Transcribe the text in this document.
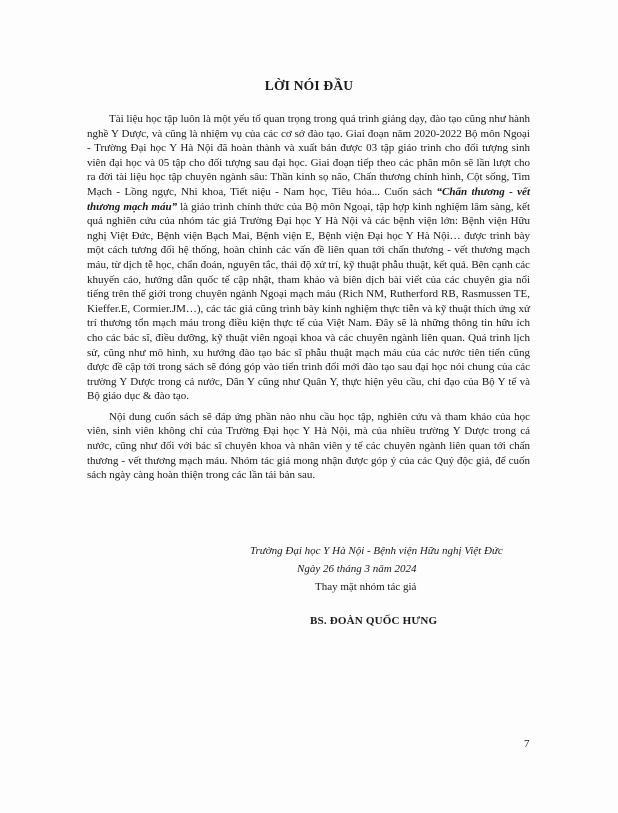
LỜI NÓI ĐẦU

Tài liệu học tập luôn là một yếu tố quan trọng trong quá trình giảng dạy, đào tạo cũng như hành nghề Y Dược, và cũng là nhiệm vụ của các cơ sở đào tạo. Giai đoạn năm 2020-2022 Bộ môn Ngoại - Trường Đại học Y Hà Nội đã hoàn thành và xuất bản được 03 tập giáo trình cho đối tượng sinh viên đại học và 05 tập cho đối tượng sau đại học. Giai đoạn tiếp theo các phân môn sẽ lần lượt cho ra đời tài liệu học tập chuyên ngành sâu: Thần kinh sọ não, Chấn thương chỉnh hình, Cột sống, Tim Mạch - Lồng ngực, Nhi khoa, Tiết niệu - Nam học, Tiêu hóa... Cuốn sách “Chấn thương - vết thương mạch máu” là giáo trình chính thức của Bộ môn Ngoại, tập hợp kinh nghiệm lâm sàng, kết quả nghiên cứu của nhóm tác giả Trường Đại học Y Hà Nội và các bệnh viện lớn: Bệnh viện Hữu nghị Việt Đức, Bệnh viện Bạch Mai, Bệnh viện E, Bệnh viện Đại học Y Hà Nội… được trình bày một cách tương đối hệ thống, hoàn chỉnh các vấn đề liên quan tới chấn thương - vết thương mạch máu, từ dịch tễ học, chẩn đoán, nguyên tắc, thái độ xử trí, kỹ thuật phẫu thuật, kết quả. Bên cạnh các khuyến cáo, hướng dẫn quốc tế cập nhật, tham khảo và biên dịch bài viết của các chuyên gia nổi tiếng trên thế giới trong chuyên ngành Ngoại mạch máu (Rich NM, Rutherford RB, Rasmussen TE, Kieffer.E, Cormier.JM…), các tác giả cũng trình bày kinh nghiệm thực tiễn và kỹ thuật thích ứng xử trí thương tổn mạch máu trong điều kiện thực tế của Việt Nam. Đây sẽ là những thông tin hữu ích cho các bác sĩ, điều dưỡng, kỹ thuật viên ngoại khoa và các chuyên ngành liên quan. Quá trình lịch sử, cũng như mô hình, xu hướng đào tạo bác sĩ phẫu thuật mạch máu của các nước tiên tiến cũng được đề cập tới trong sách sẽ đóng góp vào tiến trình đổi mới đào tạo sau đại học nói chung của các trường Y Dược trong cả nước, Dân Y cũng như Quân Y, thực hiện yêu cầu, chỉ đạo của Bộ Y tế và Bộ giáo dục & đào tạo.

Nội dung cuốn sách sẽ đáp ứng phần nào nhu cầu học tập, nghiên cứu và tham khảo của học viên, sinh viên không chỉ của Trường Đại học Y Hà Nội, mà của nhiều trường Y Dược trong cả nước, cũng như đối với bác sĩ chuyên khoa và nhân viên y tế các chuyên ngành liên quan tới chấn thương - vết thương mạch máu. Nhóm tác giả mong nhận được góp ý của các Quý độc giả, để cuốn sách ngày càng hoàn thiện trong các lần tái bản sau.

Trường Đại học Y Hà Nội - Bệnh viện Hữu nghị Việt Đức
Ngày 26 tháng 3 năm 2024
Thay mặt nhóm tác giả
BS. ĐOÀN QUỐC HƯNG
7
